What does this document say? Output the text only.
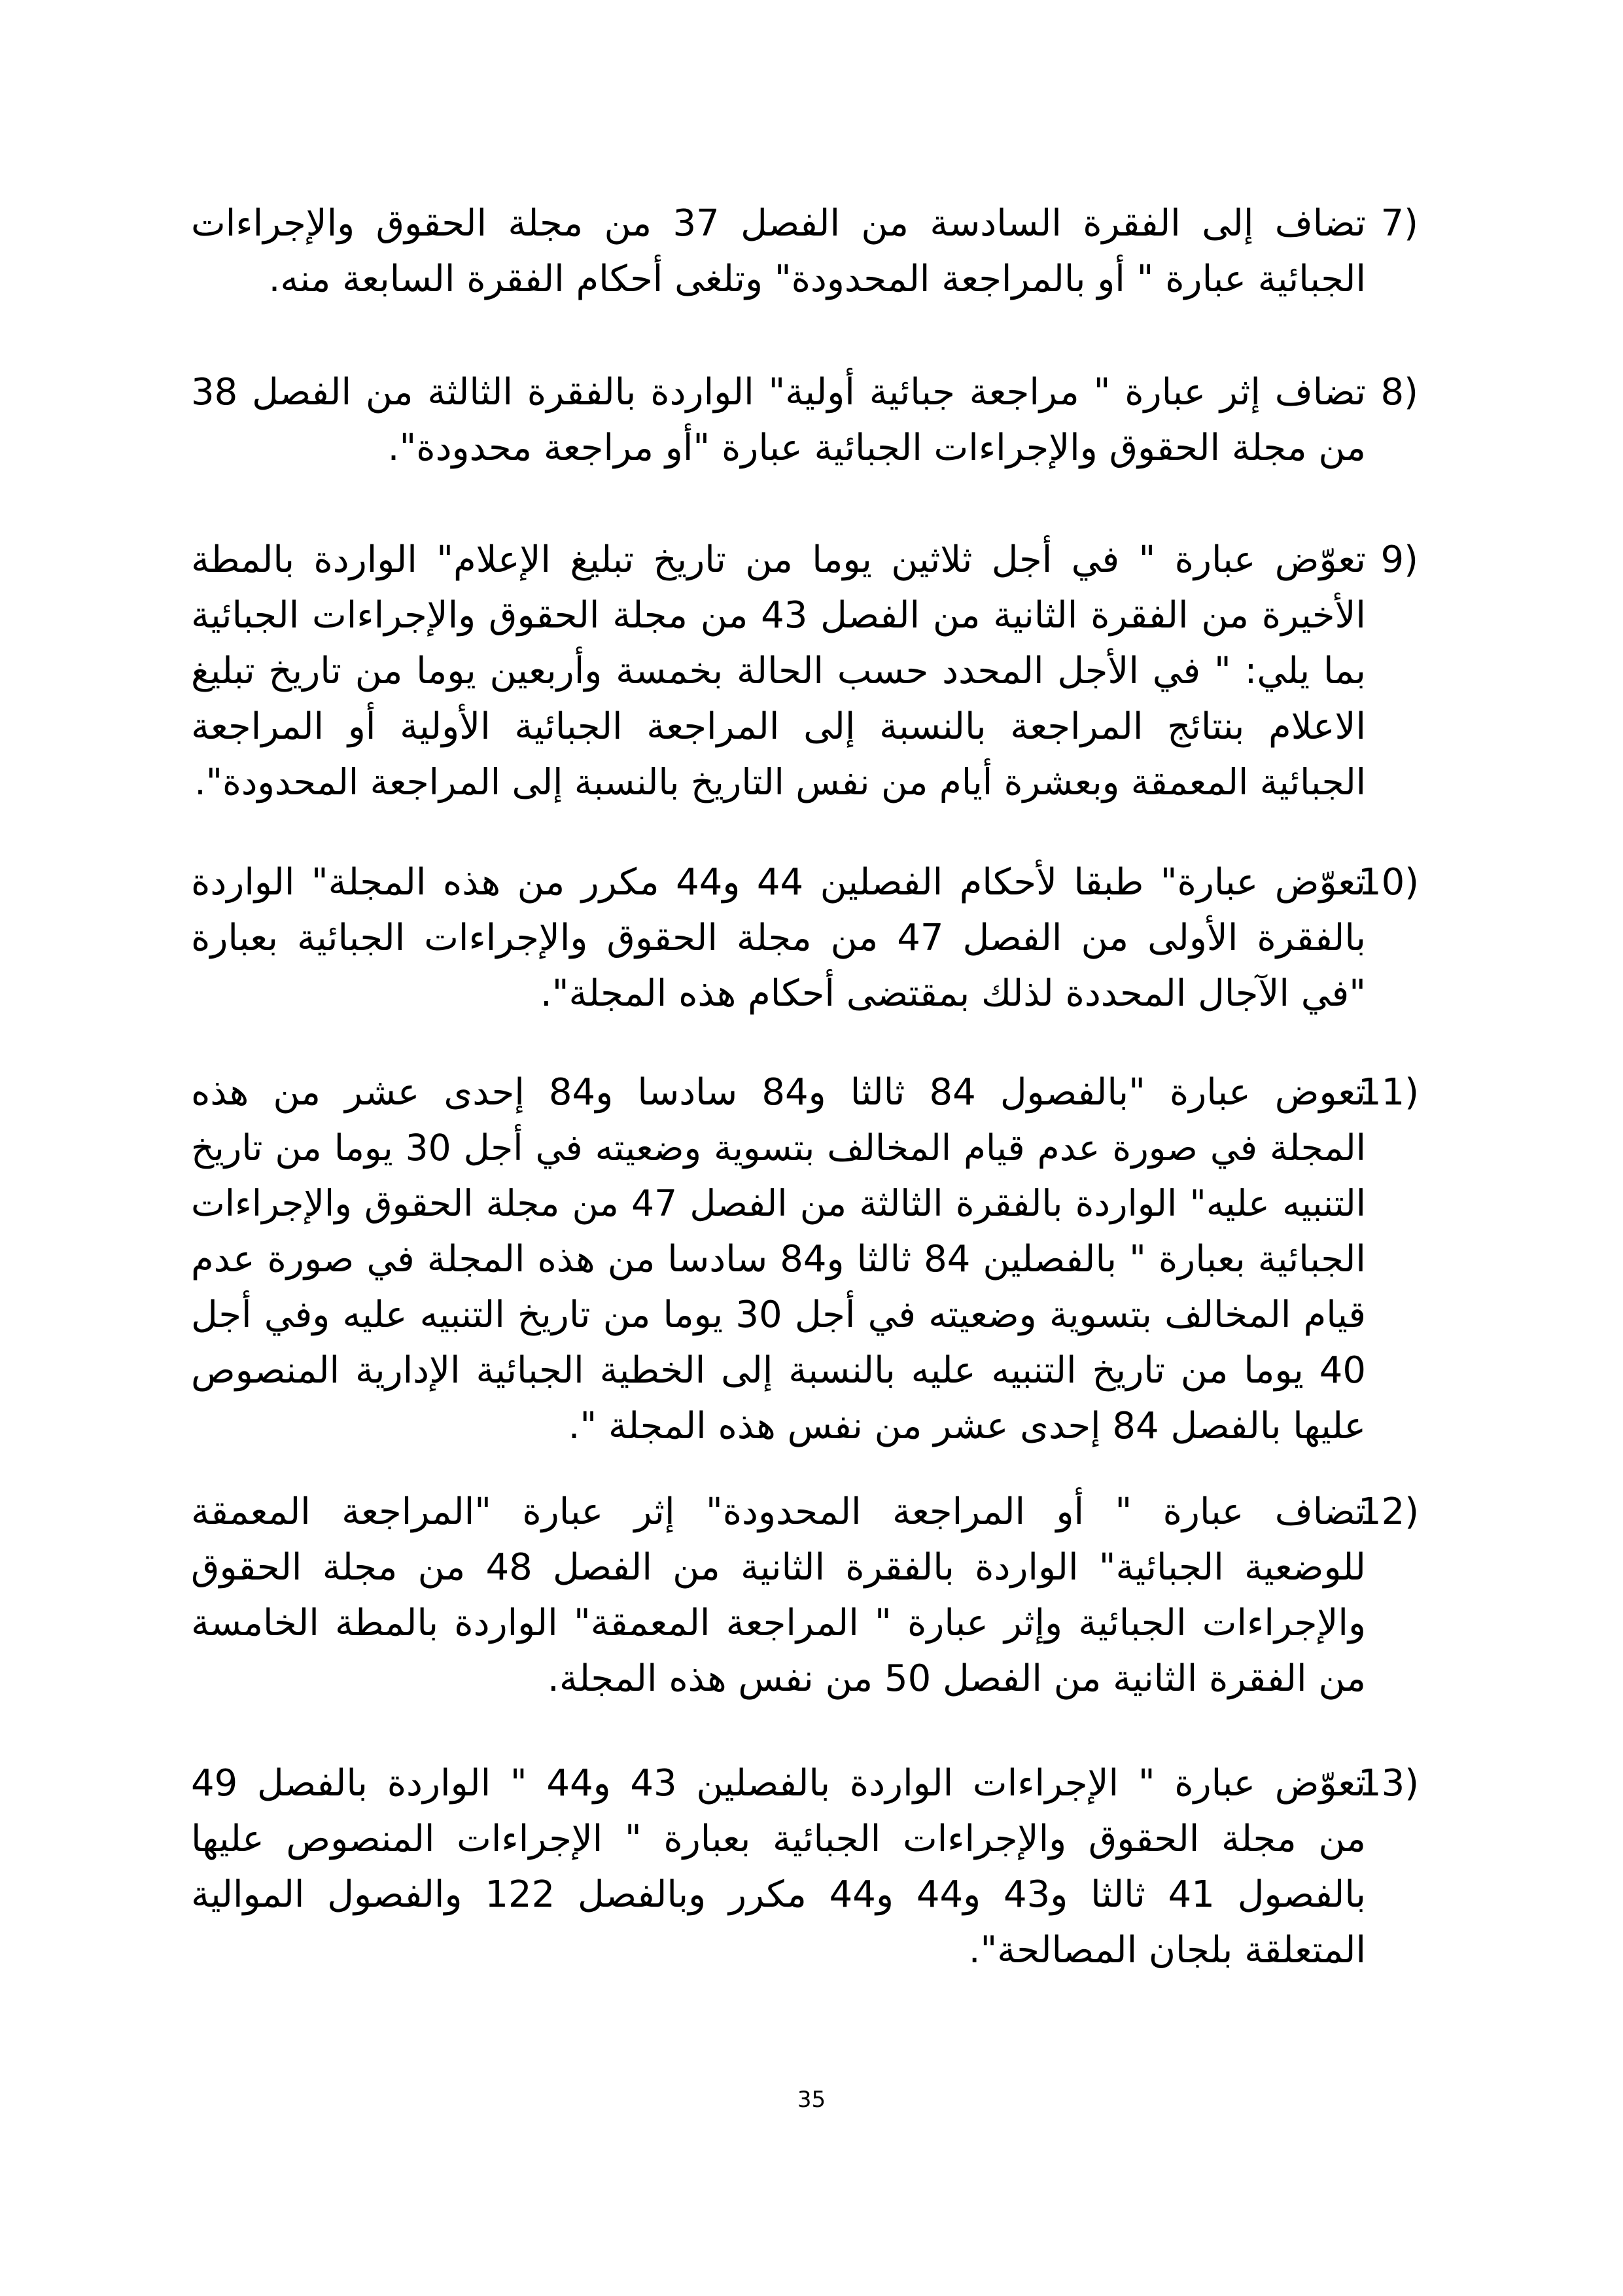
7)
تضاف إلى الفقرة السادسة من الفصل 37 من مجلة الحقوق والإجراءات
الجبائية عبارة " أو بالمراجعة المحدودة" وتلغى أحكام الفقرة السابعة منه.
8)
تضاف إثر عبارة " مراجعة جبائية أولية" الواردة بالفقرة الثالثة من الفصل 38
من مجلة الحقوق والإجراءات الجبائية عبارة "أو مراجعة محدودة".
9)
تعوّض عبارة " في أجل ثلاثين يوما من تاريخ تبليغ الإعلام" الواردة بالمطة
الأخيرة من الفقرة الثانية من الفصل 43 من مجلة الحقوق والإجراءات الجبائية
بما يلي: " في الأجل المحدد حسب الحالة بخمسة وأربعين يوما من تاريخ تبليغ
الاعلام بنتائج المراجعة بالنسبة إلى المراجعة الجبائية الأولية أو المراجعة
الجبائية المعمقة وبعشرة أيام من نفس التاريخ بالنسبة إلى المراجعة المحدودة".
10)
تعوّض عبارة" طبقا لأحكام الفصلين 44 و44 مكرر من هذه المجلة" الواردة
بالفقرة الأولى من الفصل 47 من مجلة الحقوق والإجراءات الجبائية بعبارة
"في الآجال المحددة لذلك بمقتضى أحكام هذه المجلة".
11)
تعوض عبارة "بالفصول 84 ثالثا و84 سادسا و84 إحدى عشر من هذه
المجلة في صورة عدم قيام المخالف بتسوية وضعيته في أجل 30 يوما من تاريخ
التنبيه عليه" الواردة بالفقرة الثالثة من الفصل 47 من مجلة الحقوق والإجراءات
الجبائية بعبارة " بالفصلين 84 ثالثا و84 سادسا من هذه المجلة في صورة عدم
قيام المخالف بتسوية وضعيته في أجل 30 يوما من تاريخ التنبيه عليه وفي أجل
40 يوما من تاريخ التنبيه عليه بالنسبة إلى الخطية الجبائية الإدارية المنصوص
عليها بالفصل 84 إحدى عشر من نفس هذه المجلة ".
12)
تضاف عبارة " أو المراجعة المحدودة" إثر عبارة "المراجعة المعمقة
للوضعية الجبائية" الواردة بالفقرة الثانية من الفصل 48 من مجلة الحقوق
والإجراءات الجبائية وإثر عبارة " المراجعة المعمقة" الواردة بالمطة الخامسة
من الفقرة الثانية من الفصل 50 من نفس هذه المجلة.
13)
تعوّض عبارة " الإجراءات الواردة بالفصلين 43 و44 " الواردة بالفصل 49
من مجلة الحقوق والإجراءات الجبائية بعبارة " الإجراءات المنصوص عليها
بالفصول 41 ثالثا و43 و44 و44 مكرر وبالفصل 122 والفصول الموالية
المتعلقة بلجان المصالحة".
35
